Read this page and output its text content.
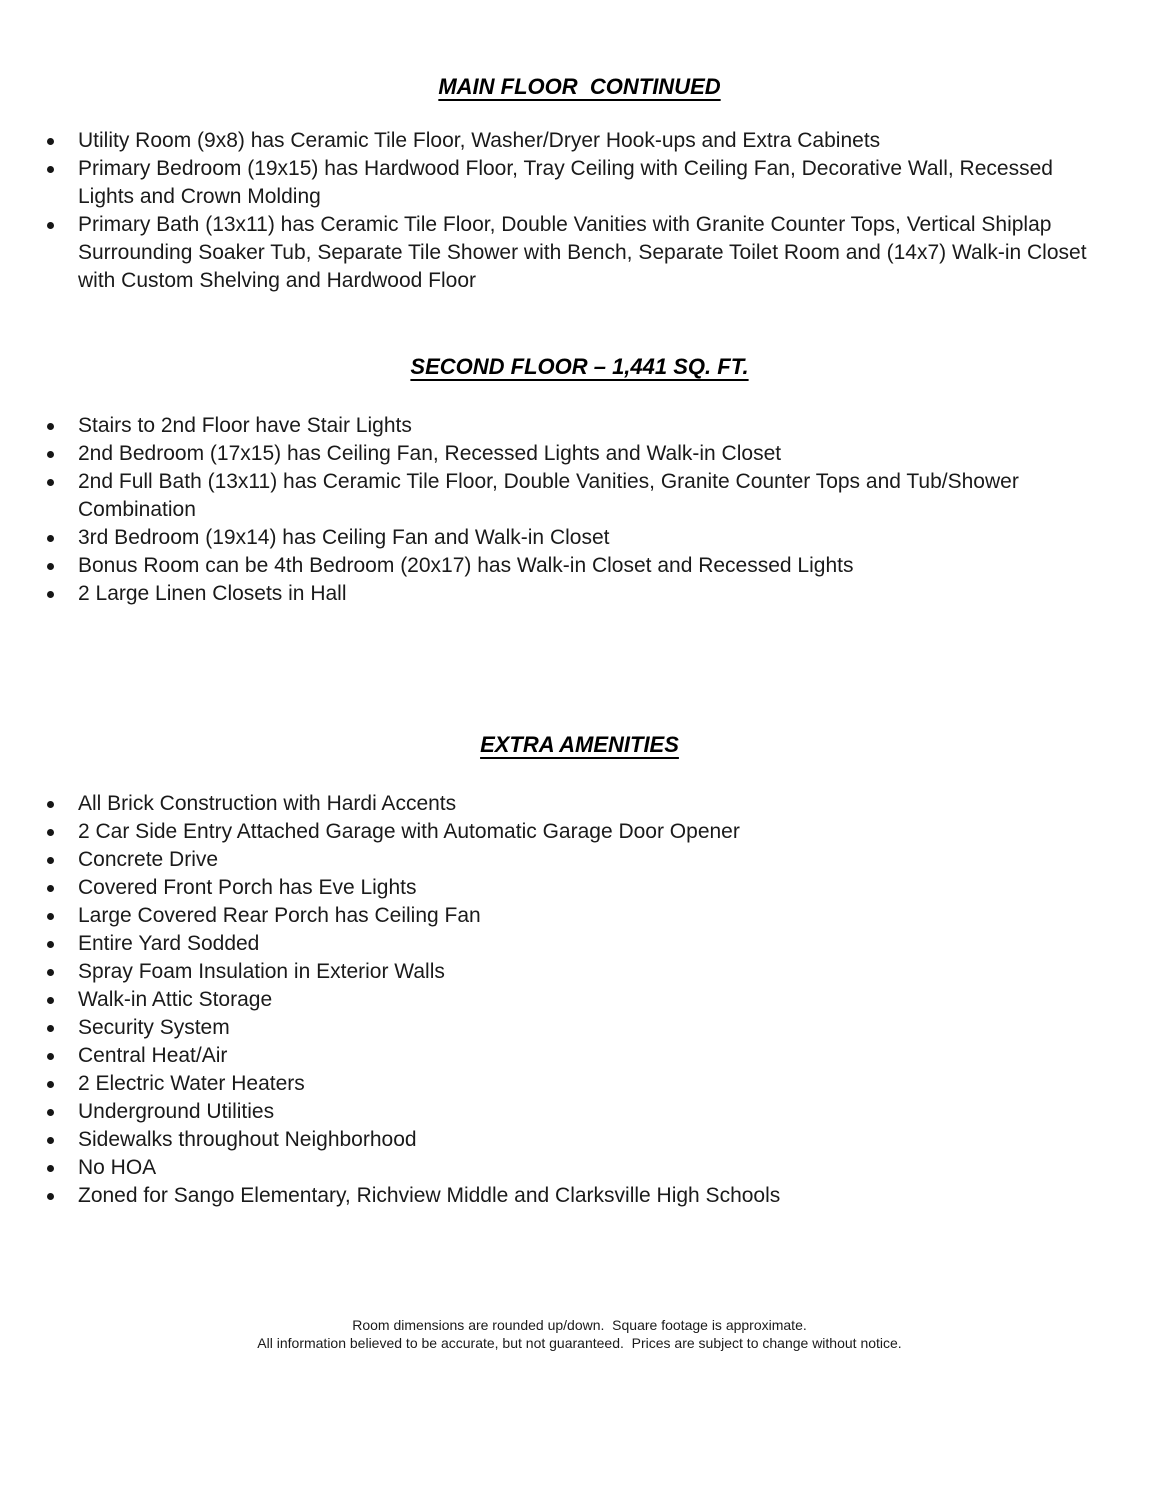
MAIN FLOOR  CONTINUED
Utility Room (9x8) has Ceramic Tile Floor, Washer/Dryer Hook-ups and Extra Cabinets
Primary Bedroom (19x15) has Hardwood Floor, Tray Ceiling with Ceiling Fan, Decorative Wall, Recessed Lights and Crown Molding
Primary Bath (13x11) has Ceramic Tile Floor, Double Vanities with Granite Counter Tops, Vertical Shiplap Surrounding Soaker Tub, Separate Tile Shower with Bench, Separate Toilet Room and (14x7) Walk-in Closet with Custom Shelving and Hardwood Floor
SECOND FLOOR – 1,441 SQ. FT.
Stairs to 2nd Floor have Stair Lights
2nd Bedroom (17x15) has Ceiling Fan, Recessed Lights and Walk-in Closet
2nd Full Bath (13x11) has Ceramic Tile Floor, Double Vanities, Granite Counter Tops and Tub/Shower Combination
3rd Bedroom (19x14) has Ceiling Fan and Walk-in Closet
Bonus Room can be 4th Bedroom (20x17) has Walk-in Closet and Recessed Lights
2 Large Linen Closets in Hall
EXTRA AMENITIES
All Brick Construction with Hardi Accents
2 Car Side Entry Attached Garage with Automatic Garage Door Opener
Concrete Drive
Covered Front Porch has Eve Lights
Large Covered Rear Porch has Ceiling Fan
Entire Yard Sodded
Spray Foam Insulation in Exterior Walls
Walk-in Attic Storage
Security System
Central Heat/Air
2 Electric Water Heaters
Underground Utilities
Sidewalks throughout Neighborhood
No HOA
Zoned for Sango Elementary, Richview Middle and Clarksville High Schools
Room dimensions are rounded up/down.  Square footage is approximate.
All information believed to be accurate, but not guaranteed.  Prices are subject to change without notice.
